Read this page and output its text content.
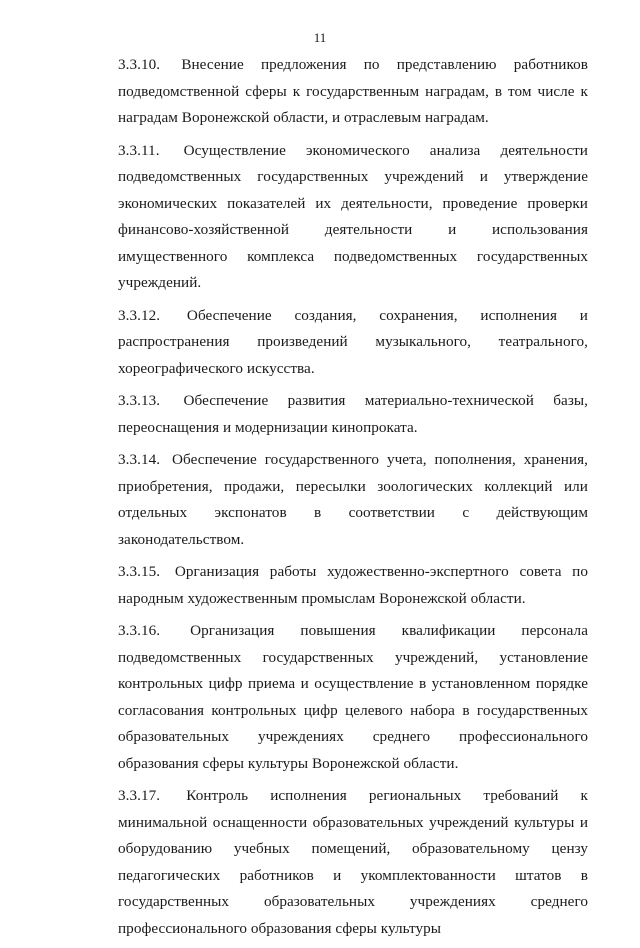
11

3.3.10. Внесение предложения по представлению работников подведомственной сферы к государственным наградам, в том числе к наградам Воронежской области, и отраслевым наградам.

3.3.11. Осуществление экономического анализа деятельности подведомственных государственных учреждений и утверждение экономических показателей их деятельности, проведение проверки финансово-хозяйственной деятельности и использования имущественного комплекса подведомственных государственных учреждений.

3.3.12. Обеспечение создания, сохранения, исполнения и распространения произведений музыкального, театрального, хореографического искусства.

3.3.13. Обеспечение развития материально-технической базы, переоснащения и модернизации кинопроката.

3.3.14. Обеспечение государственного учета, пополнения, хранения, приобретения, продажи, пересылки зоологических коллекций или отдельных экспонатов в соответствии с действующим законодательством.

3.3.15. Организация работы художественно-экспертного совета по народным художественным промыслам Воронежской области.

3.3.16. Организация повышения квалификации персонала подведомственных государственных учреждений, установление контрольных цифр приема и осуществление в установленном порядке согласования контрольных цифр целевого набора в государственных образовательных учреждениях среднего профессионального образования сферы культуры Воронежской области.

3.3.17. Контроль исполнения региональных требований к минимальной оснащенности образовательных учреждений культуры и оборудованию учебных помещений, образовательному цензу педагогических работников и укомплектованности штатов в государственных образовательных учреждениях среднего профессионального образования сферы культуры
